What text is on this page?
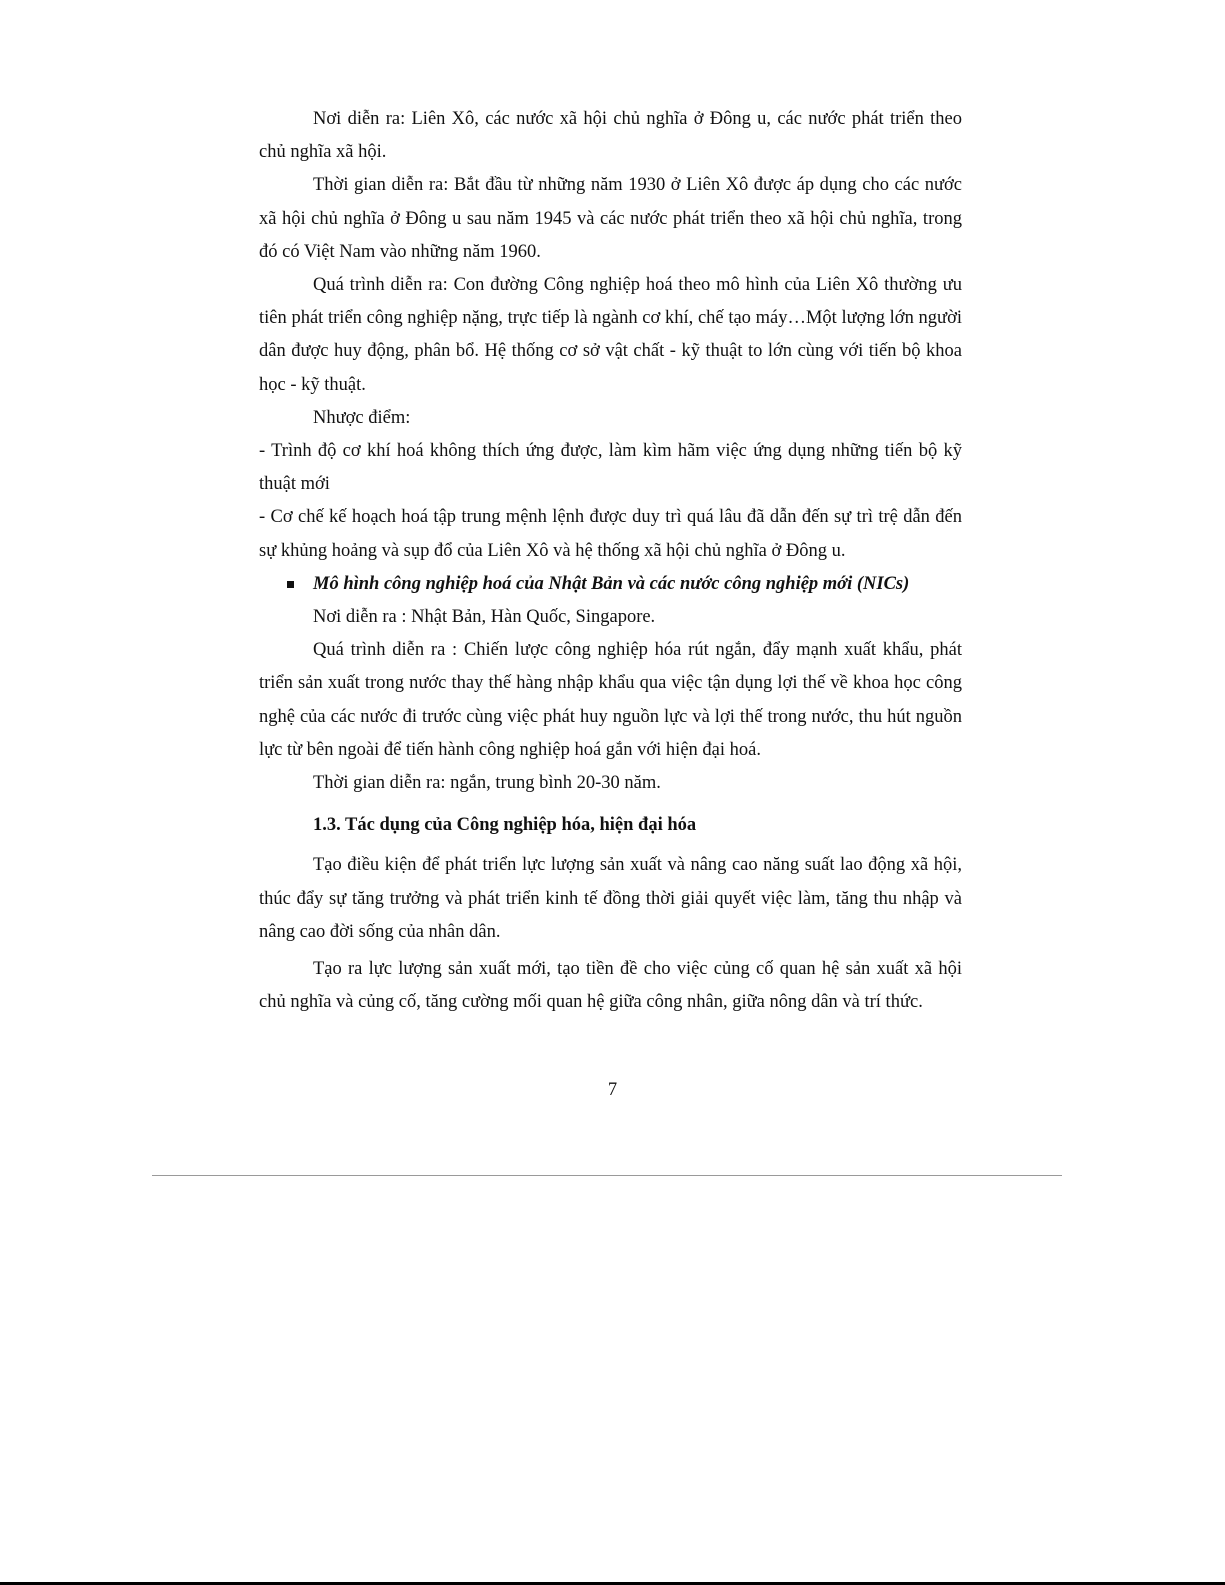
Nơi diễn ra: Liên Xô, các nước xã hội chủ nghĩa ở Đông u, các nước phát triển theo chủ nghĩa xã hội.

Thời gian diễn ra: Bắt đầu từ những năm 1930 ở Liên Xô được áp dụng cho các nước xã hội chủ nghĩa ở Đông u sau năm 1945 và các nước phát triển theo xã hội chủ nghĩa, trong đó có Việt Nam vào những năm 1960.

Quá trình diễn ra: Con đường Công nghiệp hoá theo mô hình của Liên Xô thường ưu tiên phát triển công nghiệp nặng, trực tiếp là ngành cơ khí, chế tạo máy…Một lượng lớn người dân được huy động, phân bổ. Hệ thống cơ sở vật chất - kỹ thuật to lớn cùng với tiến bộ khoa học - kỹ thuật.

Nhược điểm:

- Trình độ cơ khí hoá không thích ứng được, làm kìm hãm việc ứng dụng những tiến bộ kỹ thuật mới

- Cơ chế kế hoạch hoá tập trung mệnh lệnh được duy trì quá lâu đã dẫn đến sự trì trệ dẫn đến sự khủng hoảng và sụp đổ của Liên Xô và hệ thống xã hội chủ nghĩa ở Đông u.

Mô hình công nghiệp hoá của Nhật Bản và các nước công nghiệp mới (NICs)

Nơi diễn ra : Nhật Bản, Hàn Quốc, Singapore.

Quá trình diễn ra : Chiến lược công nghiệp hóa rút ngắn, đẩy mạnh xuất khẩu, phát triển sản xuất trong nước thay thế hàng nhập khẩu qua việc tận dụng lợi thế về khoa học công nghệ của các nước đi trước cùng việc phát huy nguồn lực và lợi thế trong nước, thu hút nguồn lực từ bên ngoài để tiến hành công nghiệp hoá gắn với hiện đại hoá.

Thời gian diễn ra: ngắn, trung bình 20-30 năm.

1.3. Tác dụng của Công nghiệp hóa, hiện đại hóa

Tạo điều kiện để phát triển lực lượng sản xuất và nâng cao năng suất lao động xã hội, thúc đẩy sự tăng trưởng và phát triển kinh tế đồng thời giải quyết việc làm, tăng thu nhập và nâng cao đời sống của nhân dân.

Tạo ra lực lượng sản xuất mới, tạo tiền đề cho việc củng cố quan hệ sản xuất xã hội chủ nghĩa và củng cố, tăng cường mối quan hệ giữa công nhân, giữa nông dân và trí thức.

7
